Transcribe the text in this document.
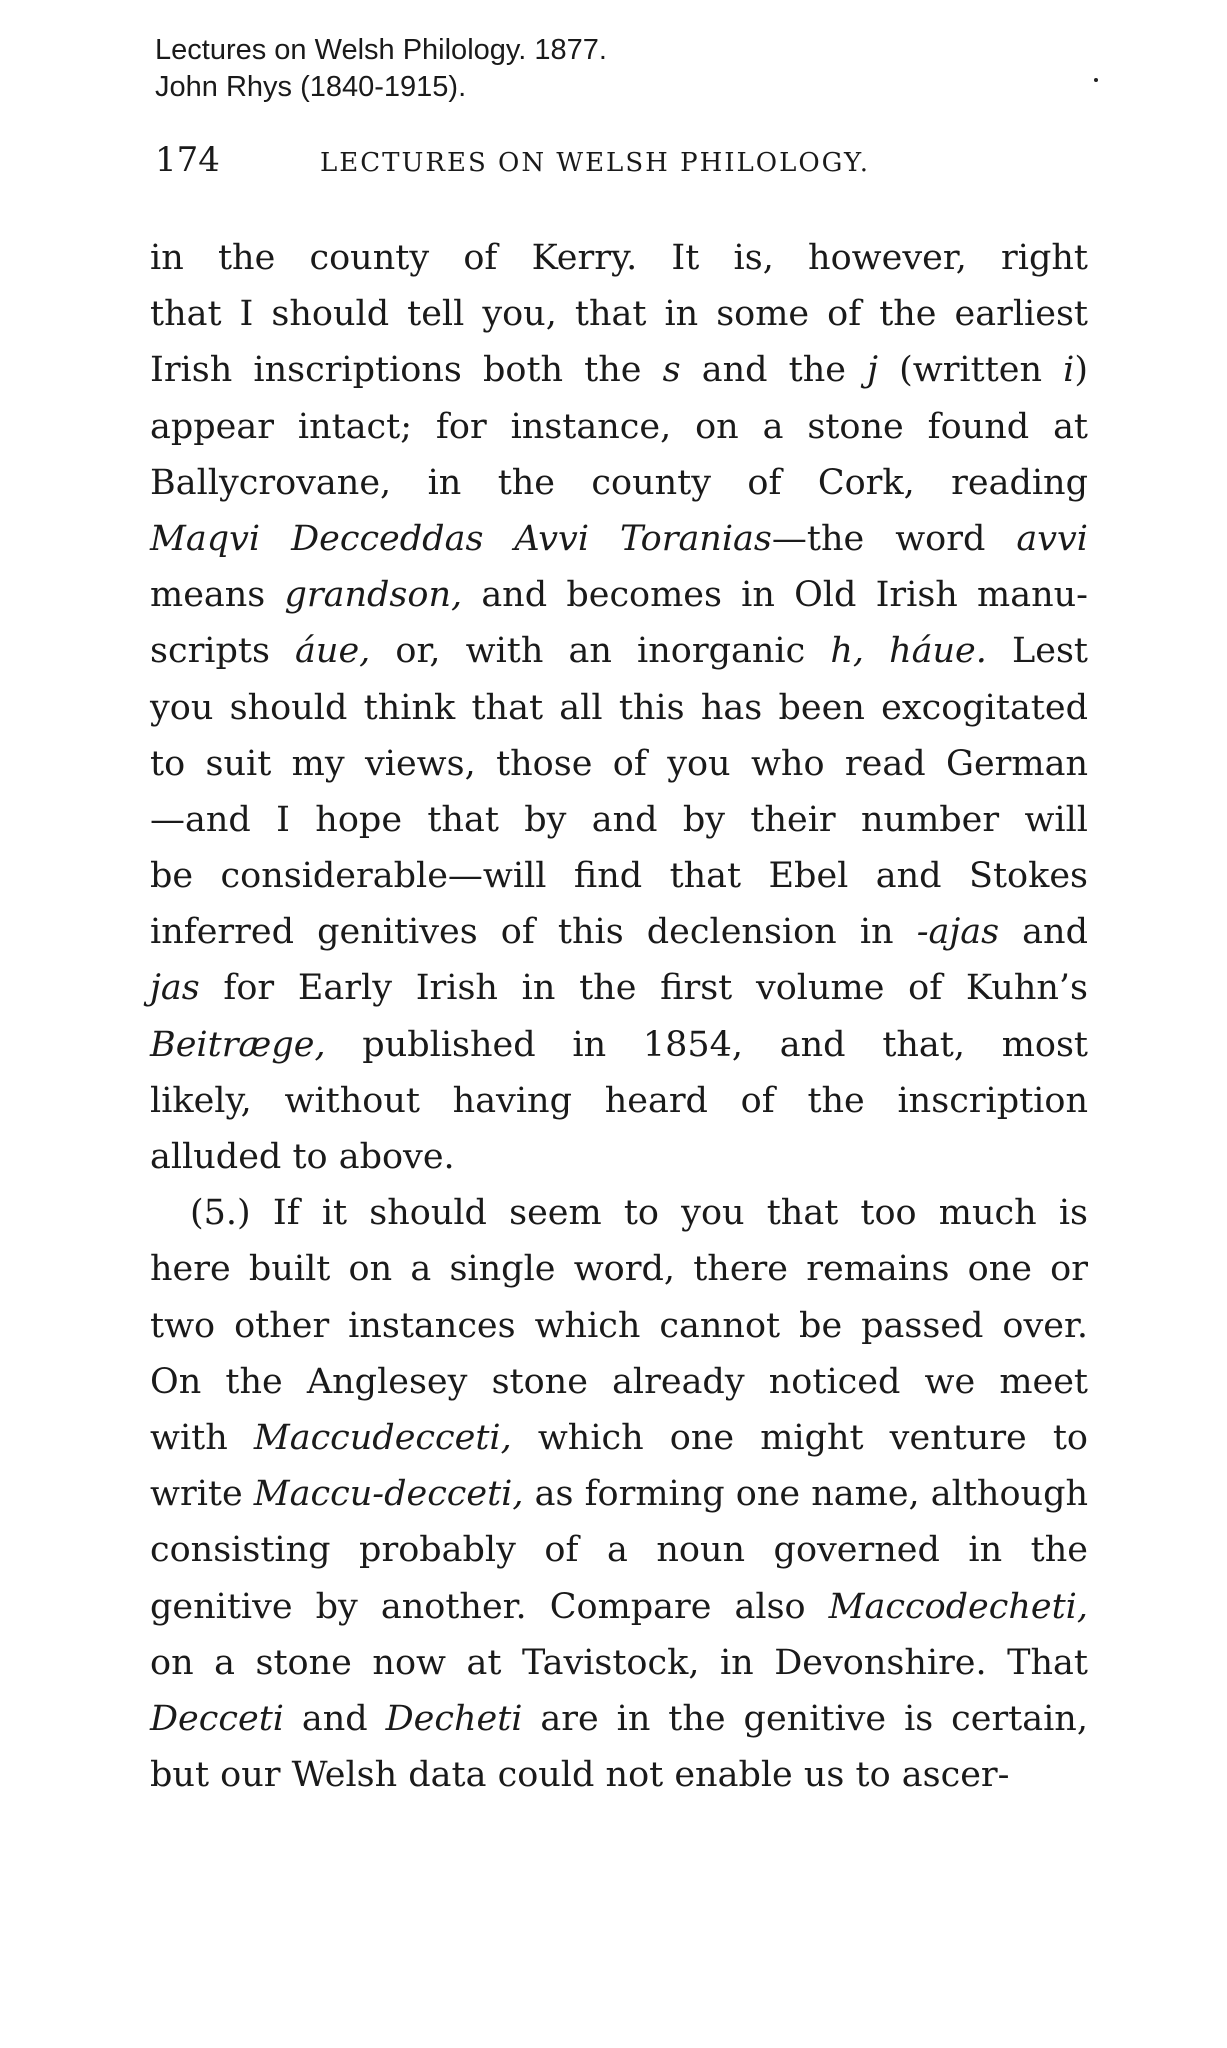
Lectures on Welsh Philology. 1877.
John Rhys (1840-1915).
174	LECTURES ON WELSH PHILOLOGY.
in the county of Kerry. It is, however, right
that I should tell you, that in some of the earliest
Irish inscriptions both the s and the j (written i)
appear intact; for instance, on a stone found at
Ballycrovane, in the county of Cork, reading
Maqvi Decceddas Avvi Toranias—the word avvi
means grandson, and becomes in Old Irish manu-
scripts áue, or, with an inorganic h, háue. Lest
you should think that all this has been excogitated
to suit my views, those of you who read German
—and I hope that by and by their number will
be considerable—will find that Ebel and Stokes
inferred genitives of this declension in -ajas and
jas for Early Irish in the first volume of Kuhn’s
Beitræge, published in 1854, and that, most
likely, without having heard of the inscription
alluded to above.
(5.) If it should seem to you that too much is
here built on a single word, there remains one or
two other instances which cannot be passed over.
On the Anglesey stone already noticed we meet
with Maccudecceti, which one might venture to
write Maccu-decceti, as forming one name, although
consisting probably of a noun governed in the
genitive by another. Compare also Maccodecheti,
on a stone now at Tavistock, in Devonshire. That
Decceti and Decheti are in the genitive is certain,
but our Welsh data could not enable us to ascer-
